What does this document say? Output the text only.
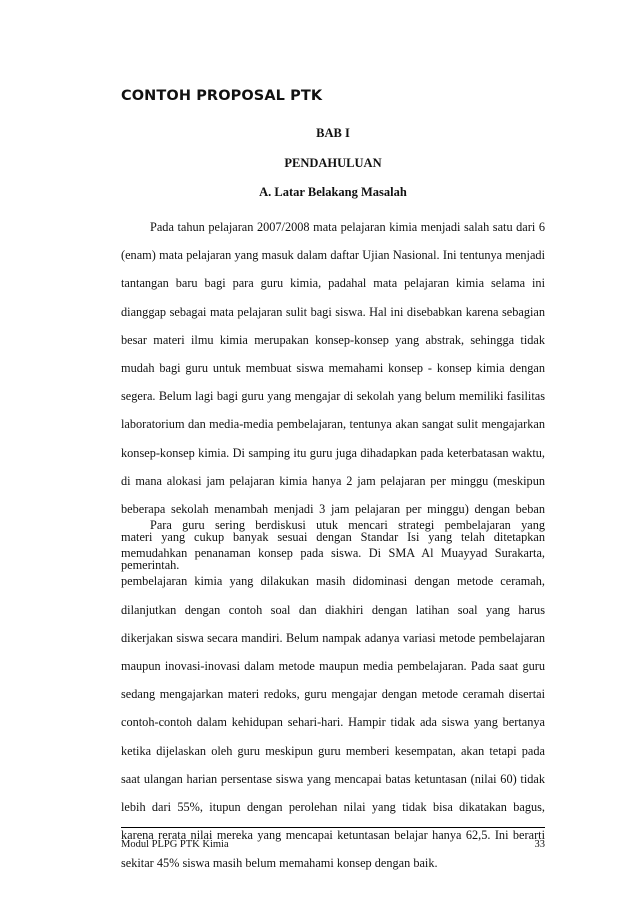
CONTOH PROPOSAL PTK
BAB I
PENDAHULUAN
A. Latar Belakang Masalah

Pada tahun pelajaran 2007/2008 mata pelajaran kimia menjadi salah satu dari 6 (enam) mata pelajaran yang masuk dalam daftar Ujian Nasional. Ini tentunya menjadi tantangan baru bagi para guru kimia, padahal mata pelajaran kimia selama ini dianggap sebagai mata pelajaran sulit bagi siswa. Hal ini disebabkan karena sebagian besar materi ilmu kimia merupakan konsep-konsep yang abstrak, sehingga tidak mudah bagi guru untuk membuat siswa memahami konsep - konsep kimia dengan segera. Belum lagi bagi guru yang mengajar di sekolah yang belum memiliki fasilitas laboratorium dan media-media pembelajaran, tentunya akan sangat sulit mengajarkan konsep-konsep kimia. Di samping itu guru juga dihadapkan pada keterbatasan waktu, di mana alokasi jam pelajaran kimia hanya 2 jam pelajaran per minggu (meskipun beberapa sekolah menambah menjadi 3 jam pelajaran per minggu) dengan beban materi yang cukup banyak sesuai dengan Standar Isi yang telah ditetapkan pemerintah.

Para guru sering berdiskusi utuk mencari strategi pembelajaran yang memudahkan penanaman konsep pada siswa. Di SMA Al Muayyad Surakarta, pembelajaran kimia yang dilakukan masih didominasi dengan metode ceramah, dilanjutkan dengan contoh soal dan diakhiri dengan latihan soal yang harus dikerjakan siswa secara mandiri. Belum nampak adanya variasi metode pembelajaran maupun inovasi-inovasi dalam metode maupun media pembelajaran. Pada saat guru sedang mengajarkan materi redoks, guru mengajar dengan metode ceramah disertai contoh-contoh dalam kehidupan sehari-hari. Hampir tidak ada siswa yang bertanya ketika dijelaskan oleh guru meskipun guru memberi kesempatan, akan tetapi pada saat ulangan harian persentase siswa yang mencapai batas ketuntasan (nilai 60) tidak lebih dari 55%, itupun dengan perolehan nilai yang tidak bisa dikatakan bagus, karena rerata nilai mereka yang mencapai ketuntasan belajar hanya 62,5. Ini berarti sekitar 45% siswa masih belum memahami konsep dengan baik.

Modul PLPG PTK Kimia	33
